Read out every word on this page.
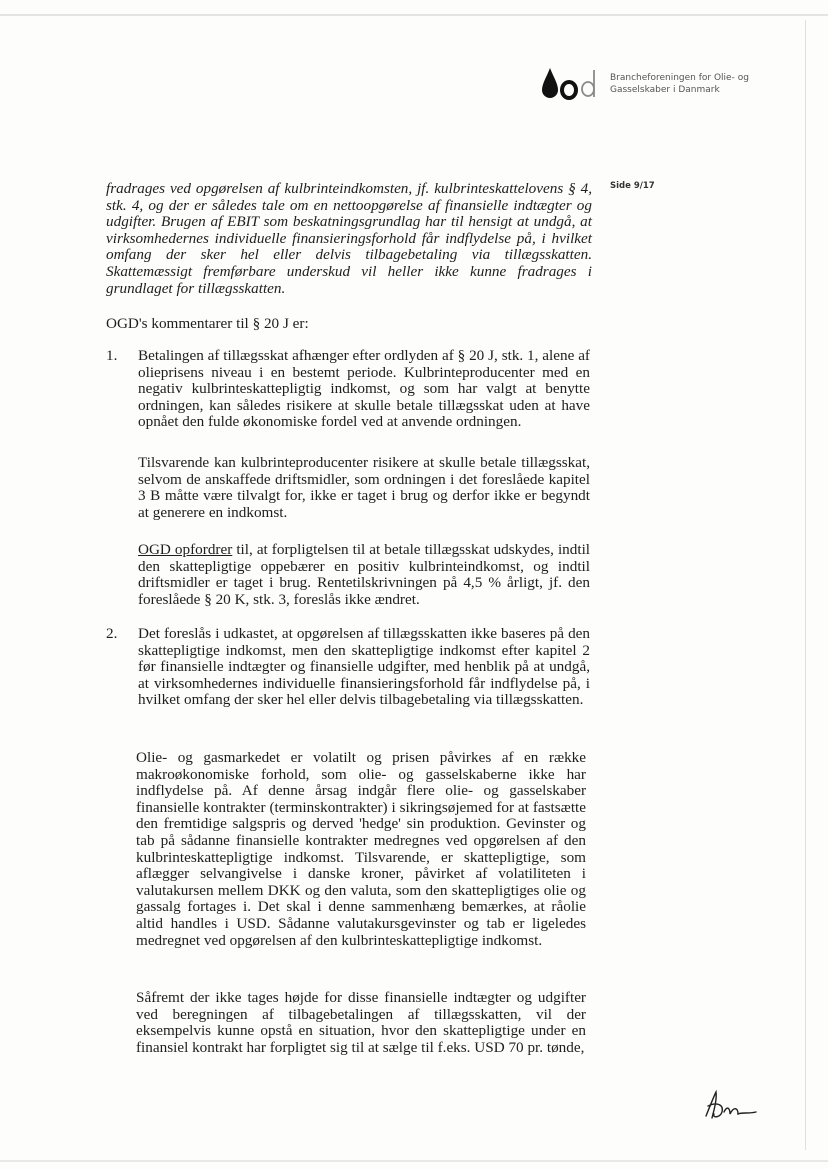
Brancheforeningen for Olie- og
Gasselskaber i Danmark
Side 9/17
fradrages ved opgørelsen af kulbrinteindkomsten, jf. kulbrinteskattelovens § 4, stk. 4, og der er således tale om en nettoopgørelse af finansielle indtægter og udgifter. Brugen af EBIT som beskatningsgrundlag har til hensigt at undgå, at virksomhedernes individuelle finansieringsforhold får indflydelse på, i hvilket omfang der sker hel eller delvis tilbagebetaling via tillægsskatten. Skattemæssigt fremførbare underskud vil heller ikke kunne fradrages i grundlaget for tillægsskatten.
OGD's kommentarer til § 20 J er:
1.	Betalingen af tillægsskat afhænger efter ordlyden af § 20 J, stk. 1, alene af olieprisens niveau i en bestemt periode. Kulbrinteproducenter med en negativ kulbrinteskattepligtig indkomst, og som har valgt at benytte ordningen, kan således risikere at skulle betale tillægsskat uden at have opnået den fulde økonomiske fordel ved at anvende ordningen.
Tilsvarende kan kulbrinteproducenter risikere at skulle betale tillægsskat, selvom de anskaffede driftsmidler, som ordningen i det foreslåede kapitel 3 B måtte være tilvalgt for, ikke er taget i brug og derfor ikke er begyndt at generere en indkomst.
OGD opfordrer til, at forpligtelsen til at betale tillægsskat udskydes, indtil den skattepligtige oppebærer en positiv kulbrinteindkomst, og indtil driftsmidler er taget i brug. Rentetilskrivningen på 4,5 % årligt, jf. den foreslåede § 20 K, stk. 3, foreslås ikke ændret.
2.	Det foreslås i udkastet, at opgørelsen af tillægsskatten ikke baseres på den skattepligtige indkomst, men den skattepligtige indkomst efter kapitel 2 før finansielle indtægter og finansielle udgifter, med henblik på at undgå, at virksomhedernes individuelle finansieringsforhold får indflydelse på, i hvilket omfang der sker hel eller delvis tilbagebetaling via tillægsskatten.
Olie- og gasmarkedet er volatilt og prisen påvirkes af en række makroøkonomiske forhold, som olie- og gasselskaberne ikke har indflydelse på. Af denne årsag indgår flere olie- og gasselskaber finansielle kontrakter (terminskontrakter) i sikringsøjemed for at fastsætte den fremtidige salgspris og derved 'hedge' sin produktion. Gevinster og tab på sådanne finansielle kontrakter medregnes ved opgørelsen af den kulbrinteskattepligtige indkomst. Tilsvarende, er skattepligtige, som aflægger selvangivelse i danske kroner, påvirket af volatiliteten i valutakursen mellem DKK og den valuta, som den skattepligtiges olie og gassalg fortages i. Det skal i denne sammenhæng bemærkes, at råolie altid handles i USD. Sådanne valutakursgevinster og tab er ligeledes medregnet ved opgørelsen af den kulbrinteskattepligtige indkomst.
Såfremt der ikke tages højde for disse finansielle indtægter og udgifter ved beregningen af tilbagebetalingen af tillægsskatten, vil der eksempelvis kunne opstå en situation, hvor den skattepligtige under en finansiel kontrakt har forpligtet sig til at sælge til f.eks. USD 70 pr. tønde,
